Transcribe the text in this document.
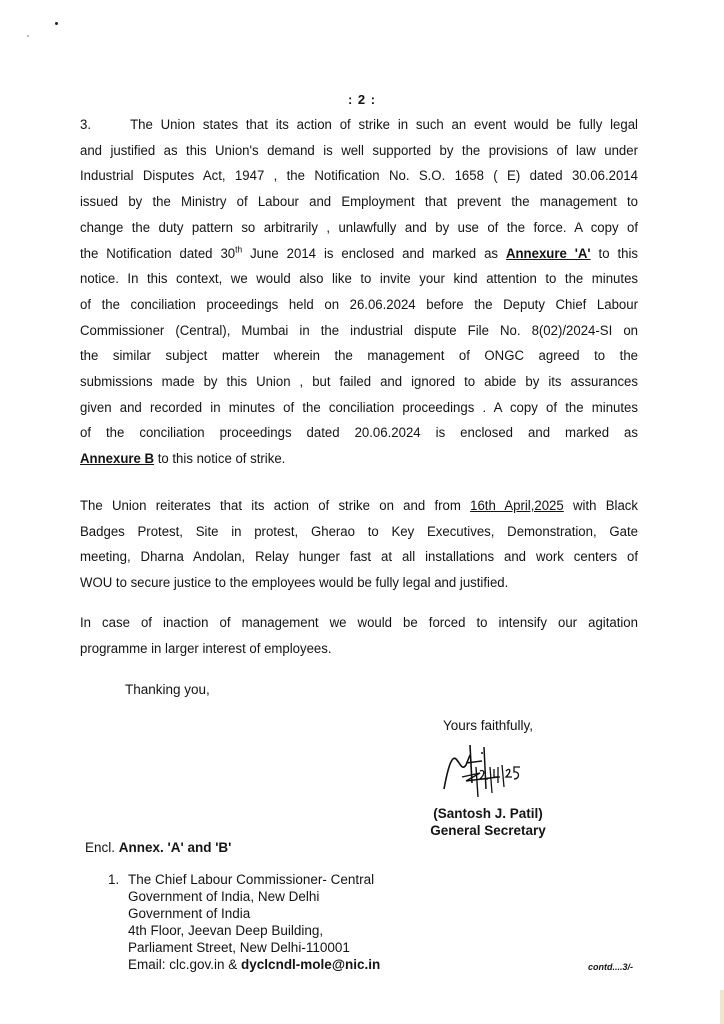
: 2 :
3.	The Union states that its action of strike in such an event would be fully legal
and justified as this Union's demand is well supported by the provisions of law under
Industrial Disputes Act, 1947 , the Notification No. S.O. 1658 ( E) dated 30.06.2014
issued by the Ministry of Labour and Employment that prevent the management to
change the duty pattern so arbitrarily , unlawfully and by use of the force. A copy of
the Notification dated 30th June 2014 is enclosed and marked as Annexure 'A' to this
notice. In this context, we would also like to invite your kind attention to the minutes
of the conciliation proceedings held on 26.06.2024 before the Deputy Chief Labour
Commissioner (Central), Mumbai in the industrial dispute File No. 8(02)/2024-SI on
the similar subject matter wherein the management of ONGC agreed to the
submissions made by this Union , but failed and ignored to abide by its assurances
given and recorded in minutes of the conciliation proceedings . A copy of the minutes
of the conciliation proceedings dated 20.06.2024 is enclosed and marked as
Annexure B to this notice of strike.
The Union reiterates that its action of strike on and from 16th April,2025 with Black
Badges Protest, Site in protest, Gherao to Key Executives, Demonstration, Gate
meeting, Dharna Andolan, Relay hunger fast at all installations and work centers of
WOU to secure justice to the employees would be fully legal and justified.
In case of inaction of management we would be forced to intensify our agitation
programme in larger interest of employees.
Thanking you,
Yours faithfully,
(Santosh J. Patil)
General Secretary
Encl. Annex. 'A' and 'B'
1. The Chief Labour Commissioner- Central
Government of India, New Delhi
Government of India
4th Floor, Jeevan Deep Building,
Parliament Street, New Delhi-110001
Email: clc.gov.in & dyclcndl-mole@nic.in	contd....3/-
